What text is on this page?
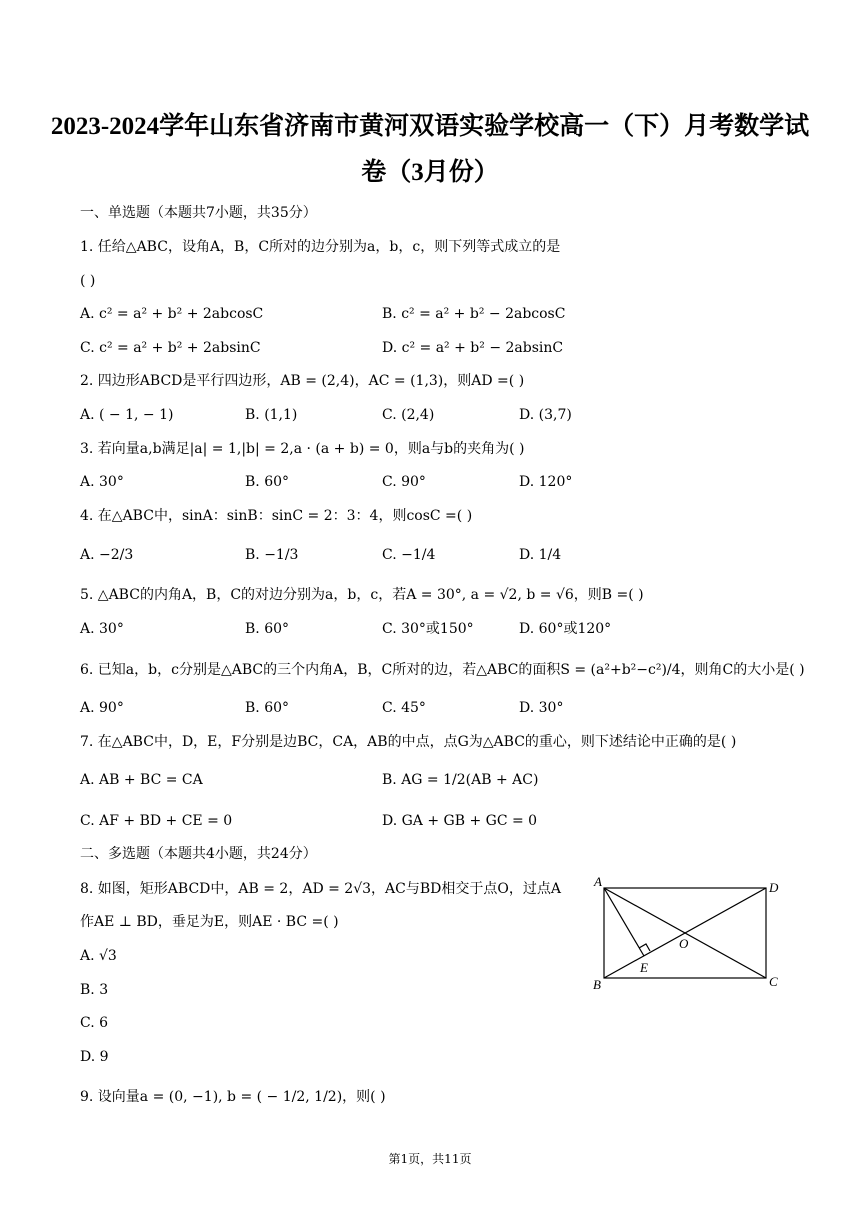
2023-2024学年山东省济南市黄河双语实验学校高一（下）月考数学试
卷（3月份）
一、单选题（本题共7小题，共35分）
1. 任给△ABC，设角A，B，C所对的边分别为a，b，c，则下列等式成立的是
( )
A. c² = a² + b² + 2abcosC	B. c² = a² + b² − 2abcosC
C. c² = a² + b² + 2absinC	D. c² = a² + b² − 2absinC
2. 四边形ABCD是平行四边形，AB = (2,4)，AC = (1,3)，则AD =( )
A. ( − 1, − 1)	B. (1,1)	C. (2,4)	D. (3,7)
3. 若向量a,b满足|a| = 1,|b| = 2,a · (a + b) = 0，则a与b的夹角为( )
A. 30°	B. 60°	C. 90°	D. 120°
4. 在△ABC中，sinA：sinB：sinC = 2：3：4，则cosC =( )
A. −2/3	B. −1/3	C. −1/4	D. 1/4
5. △ABC的内角A，B，C的对边分别为a，b，c，若A = 30°, a = √2, b = √6，则B =( )
A. 30°	B. 60°	C. 30°或150°	D. 60°或120°
6. 已知a，b，c分别是△ABC的三个内角A，B，C所对的边，若△ABC的面积S = (a²+b²−c²)/4，则角C的大小是( )
A. 90°	B. 60°	C. 45°	D. 30°
7. 在△ABC中，D，E，F分别是边BC，CA，AB的中点，点G为△ABC的重心，则下述结论中正确的是( )
A. AB + BC = CA	B. AG = 1/2(AB + AC)
C. AF + BD + CE = 0	D. GA + GB + GC = 0
二、多选题（本题共4小题，共24分）
8. 如图，矩形ABCD中，AB = 2，AD = 2√3，AC与BD相交于点O，过点A
作AE ⊥ BD，垂足为E，则AE · BC =( )
A. √3
B. 3
C. 6
D. 9
A	D
O
E
B	C
9. 设向量a = (0, −1), b = ( − 1/2, 1/2)，则( )
第1页，共11页
